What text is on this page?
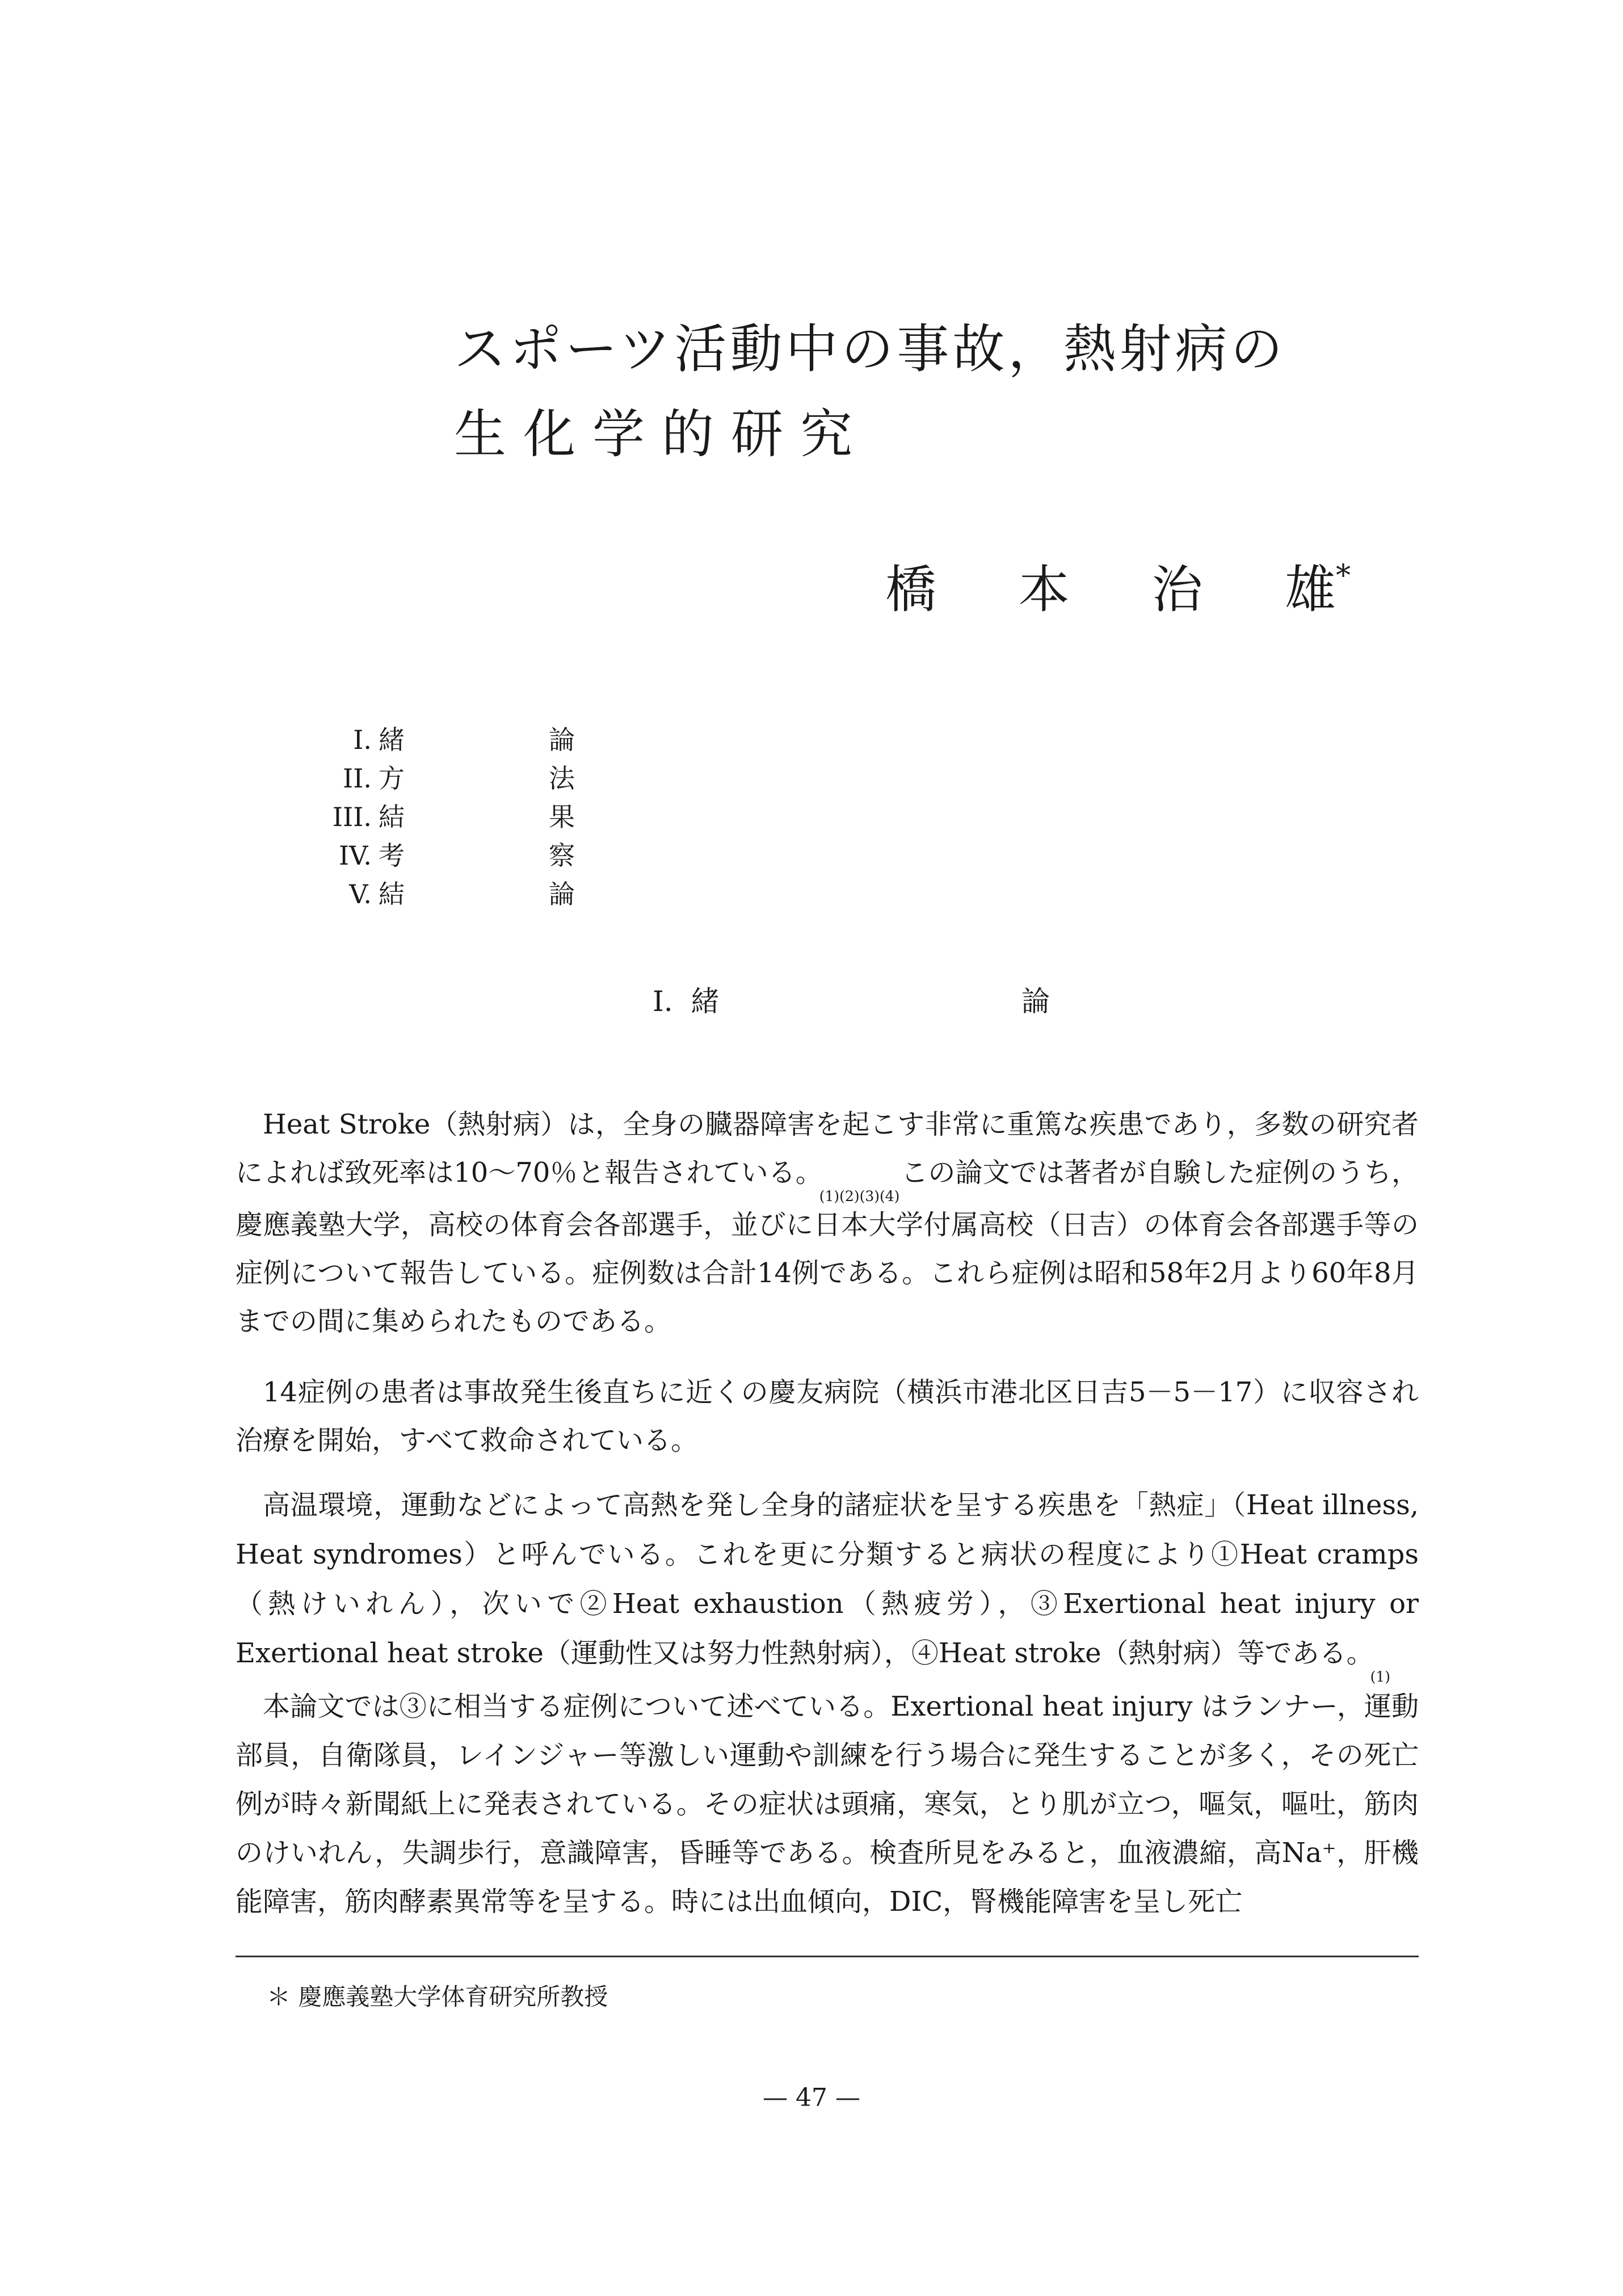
スポーツ活動中の事故，熱射病の
生化学的研究
橋 本 治 雄*
I. 緒	論
II. 方	法
III. 結	果
IV. 考	察
V. 結	論
I. 緒	論
Heat Stroke（熱射病）は，全身の臓器障害を起こす非常に重篤な疾患であり，多数の研究者によれば致死率は10～70％と報告されている。$_{(1)(2)(3)(4)}$この論文では著者が自験した症例のうち，慶應義塾大学，高校の体育会各部選手，並びに日本大学付属高校（日吉）の体育会各部選手等の症例について報告している。症例数は合計14例である。これら症例は昭和58年2月より60年8月までの間に集められたものである。
14症例の患者は事故発生後直ちに近くの慶友病院（横浜市港北区日吉5－5－17）に収容され治療を開始，すべて救命されている。
高温環境，運動などによって高熱を発し全身的諸症状を呈する疾患を「熱症」（Heat illness, Heat syndromes）と呼んでいる。これを更に分類すると病状の程度により①Heat cramps（熱けいれん），次いで②Heat exhaustion（熱疲労），③Exertional heat injury or Exertional heat stroke（運動性又は努力性熱射病），④Heat stroke（熱射病）等である。$_{(1)}$
本論文では③に相当する症例について述べている。Exertional heat injury はランナー，運動部員，自衛隊員，レインジャー等激しい運動や訓練を行う場合に発生することが多く，その死亡例が時々新聞紙上に発表されている。その症状は頭痛，寒気，とり肌が立つ，嘔気，嘔吐，筋肉のけいれん，失調歩行，意識障害，昏睡等である。検査所見をみると，血液濃縮，高Na⁺，肝機能障害，筋肉酵素異常等を呈する。時には出血傾向，DIC，腎機能障害を呈し死亡
＊ 慶應義塾大学体育研究所教授
— 47 —
